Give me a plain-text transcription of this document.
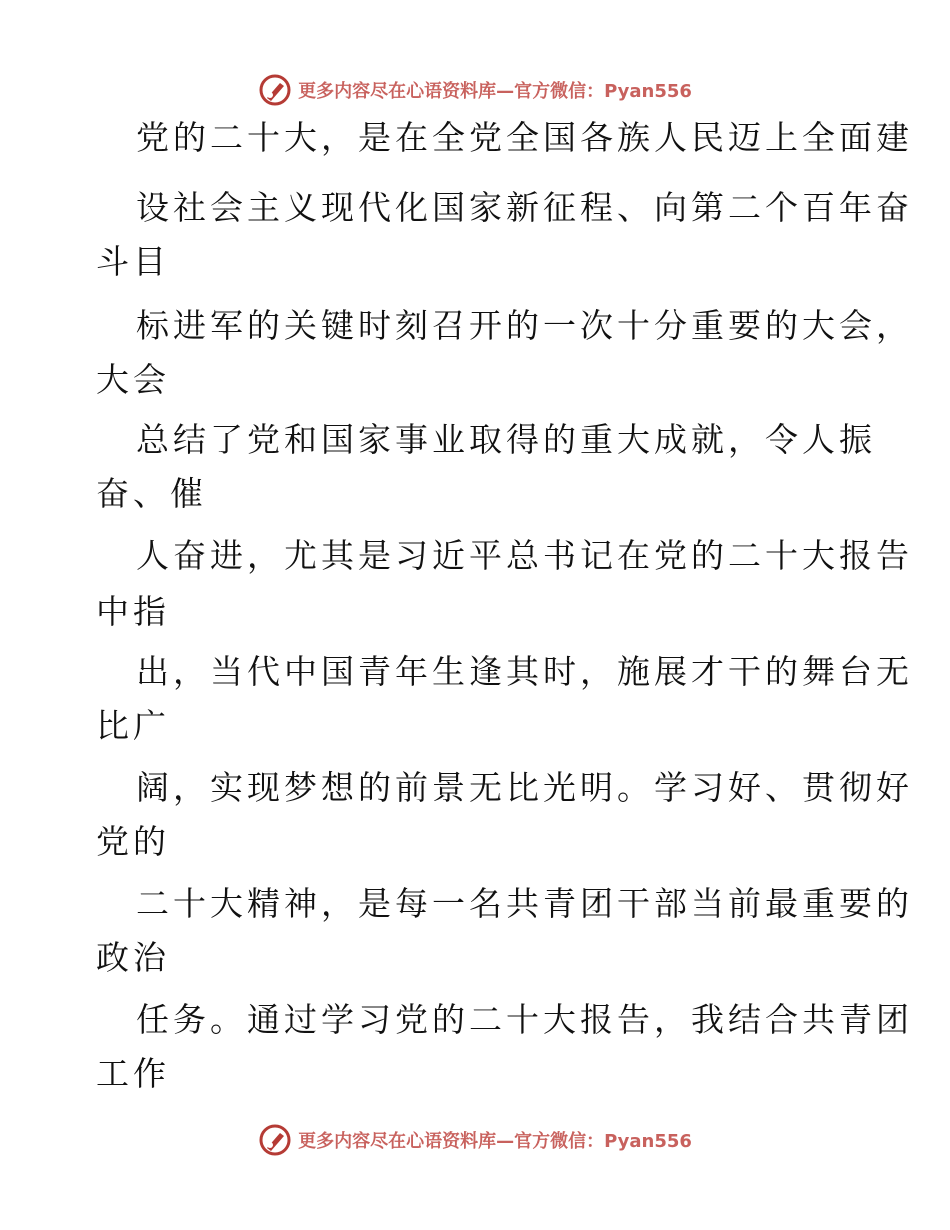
更多内容尽在心语资料库—官方微信：Pyan556
党的二十大，是在全党全国各族人民迈上全面建
设社会主义现代化国家新征程、向第二个百年奋
斗目
标进军的关键时刻召开的一次十分重要的大会，
大会
总结了党和国家事业取得的重大成就，令人振
奋、催
人奋进，尤其是习近平总书记在党的二十大报告
中指
出，当代中国青年生逢其时，施展才干的舞台无
比广
阔，实现梦想的前景无比光明。学习好、贯彻好
党的
二十大精神，是每一名共青团干部当前最重要的
政治
任务。通过学习党的二十大报告，我结合共青团
工作
更多内容尽在心语资料库—官方微信：Pyan556
